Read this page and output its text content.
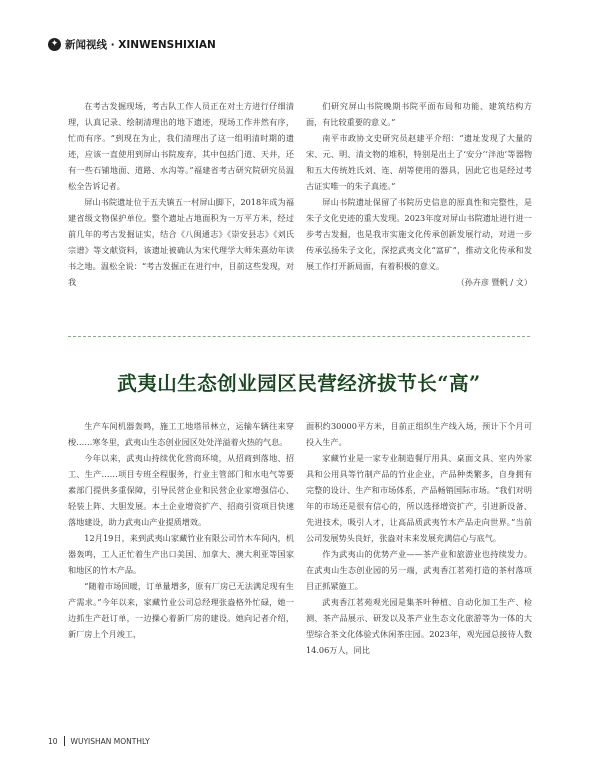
✦ 新闻视线 · XINWENSHIXIAN

在考古发掘现场，考古队工作人员正在对土方进行仔细清理，认真记录、绘制清理出的地下遗迹，现场工作井然有序，忙而有序。“到现在为止，我们清理出了这一组明清时期的遗迹，应该一直使用到屏山书院废弃，其中包括门道、天井，还有一些石铺地面、道路、水沟等。”福建省考古研究院研究员温松全告诉记者。

屏山书院遗址位于五夫镇五一村屏山脚下，2018年成为福建省级文物保护单位。整个遗址占地面积为一万平方米，经过前几年的考古发掘证实，结合《八闽通志》《崇安县志》《刘氏宗谱》等文献资料，该遗址被确认为宋代理学大师朱熹幼年读书之地。温松全说：“考古发掘正在进行中，目前这些发现，对我

们研究屏山书院晚期书院平面布局和功能、建筑结构方面，有比较重要的意义。”

南平市政协文史研究员赵建平介绍：“遗址发现了大量的宋、元、明、清文物的堆积，特别是出土了‘安分’‘泮池’等器物和五大传统姓氏刘、连、胡等使用的器具，因此它也是经过考古证实唯一的朱子真迹。”

屏山书院遗址保留了书院历史信息的原真性和完整性，是朱子文化史迹的重大发现。2023年度对屏山书院遗址进行进一步考古发掘，也是我市实施文化传承创新发展行动，对进一步传承弘扬朱子文化，深挖武夷文化“富矿”，推动文化传承和发展工作打开新局面，有着积极的意义。

（孙卉彦 暨帆 / 文）

武夷山生态创业园区民营经济拔节长“高”

生产车间机器轰鸣，施工工地塔吊林立，运输车辆往来穿梭……寒冬里，武夷山生态创业园区处处洋溢着火热的气息。

今年以来，武夷山持续优化营商环境，从招商到落地、招工、生产……项目专班全程服务，行业主管部门和水电气等要素部门提供多重保障，引导民营企业和民营企业家增强信心、轻装上阵、大胆发展。本土企业增资扩产、招商引资项目快速落地建设，助力武夷山产业提质增效。

12月19日，来到武夷山家藏竹业有限公司竹木车间内，机器轰鸣，工人正忙着生产出口美国、加拿大、澳大利亚等国家和地区的竹木产品。

“随着市场回暖，订单量增多，原有厂房已无法满足现有生产需求。”今年以来，家藏竹业公司总经理张盎格外忙碌，她一边抓生产赶订单，一边操心着新厂房的建设。她向记者介绍，新厂房上个月竣工，

面积约30000平方米，目前正组织生产线入场，预计下个月可投入生产。

家藏竹业是一家专业制造餐厅用具、桌面文具、室内外家具和公用具等竹制产品的竹业企业，产品种类繁多，自身拥有完整的设计、生产和市场体系，产品畅销国际市场。“我们对明年的市场还是很有信心的，所以选择增资扩产，引进新设备、先进技术，吸引人才，让高品质武夷竹木产品走向世界。”当前公司发展势头良好，张盎对未来发展充满信心与底气。

作为武夷山的优势产业——茶产业和旅游业也持续发力。在武夷山生态创业园的另一端，武夷香江茗苑打造的茶村落项目正抓紧施工。

武夷香江茗苑观光园是集茶叶种植、自动化加工生产、检测、茶产品展示、研发以及茶产业生态文化旅游等为一体的大型综合茶文化体验式休闲茶庄园。2023年，观光园总接待人数14.06万人，同比

10 WUYISHAN MONTHLY
